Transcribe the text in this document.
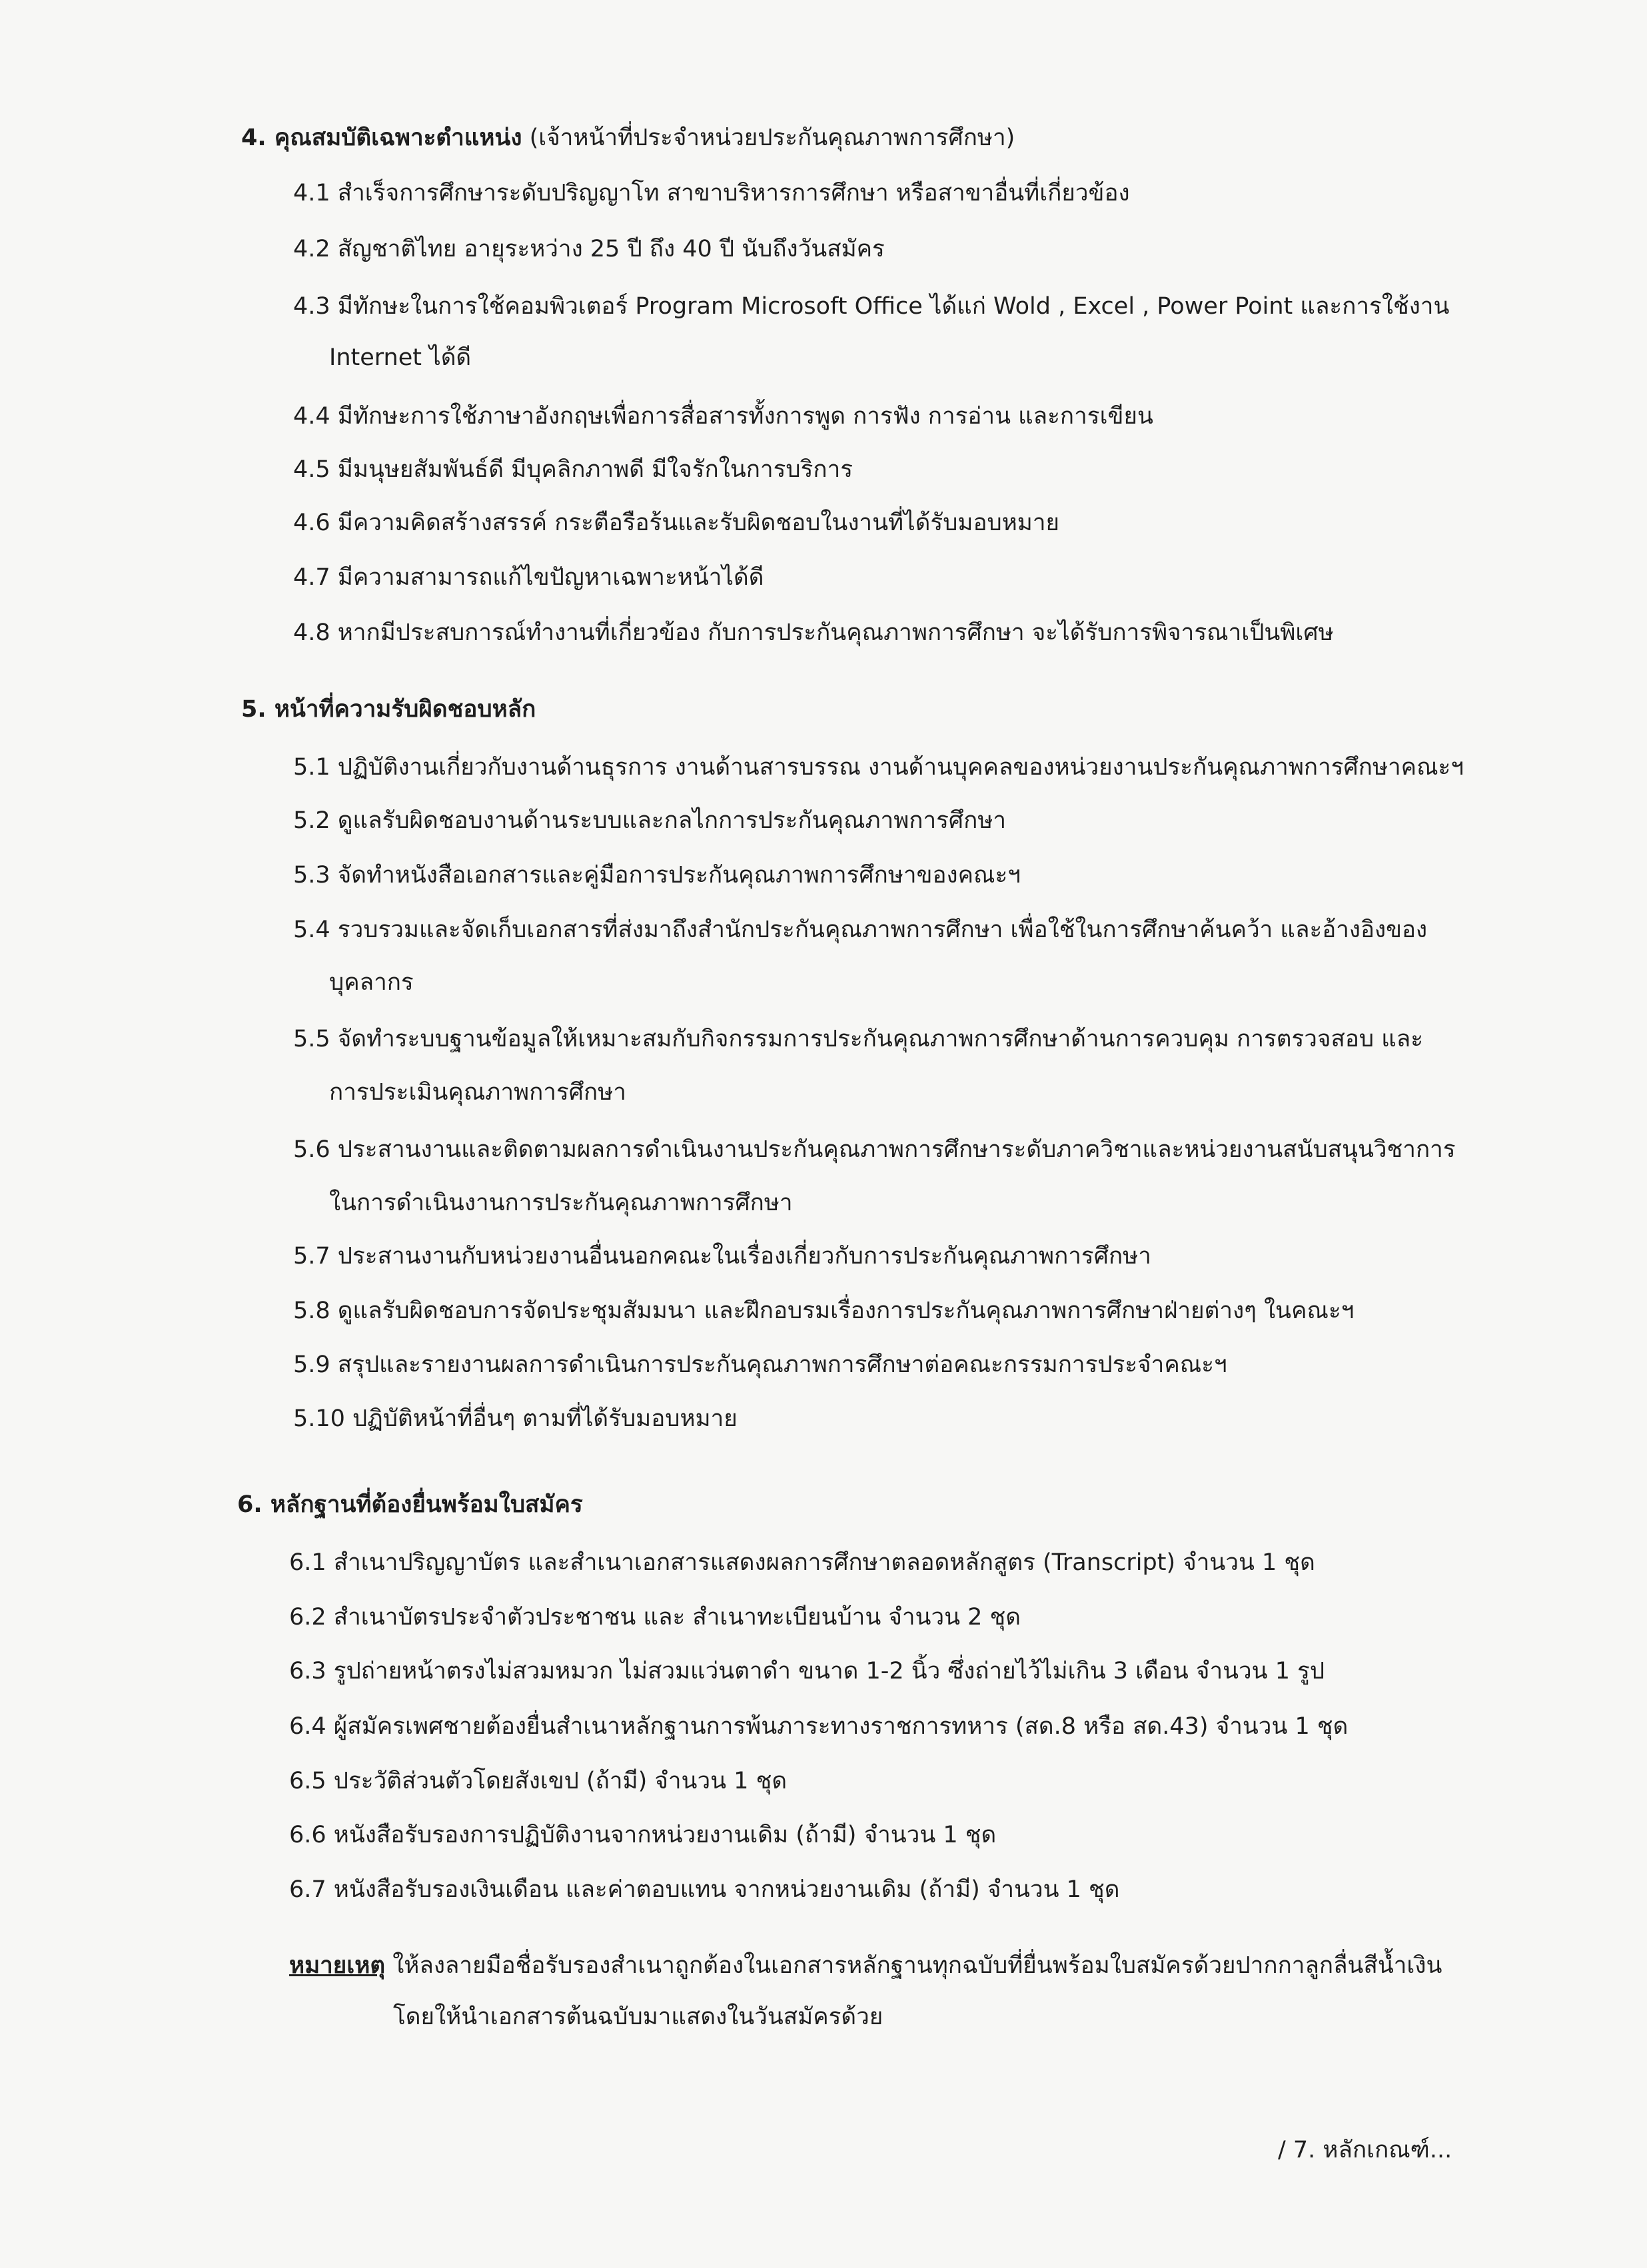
4. คุณสมบัติเฉพาะตำแหน่ง (เจ้าหน้าที่ประจำหน่วยประกันคุณภาพการศึกษา)
4.1 สำเร็จการศึกษาระดับปริญญาโท สาขาบริหารการศึกษา หรือสาขาอื่นที่เกี่ยวข้อง
4.2 สัญชาติไทย อายุระหว่าง 25 ปี ถึง 40 ปี นับถึงวันสมัคร
4.3 มีทักษะในการใช้คอมพิวเตอร์ Program Microsoft Office ได้แก่ Wold , Excel , Power Point และการใช้งาน
Internet ได้ดี
4.4 มีทักษะการใช้ภาษาอังกฤษเพื่อการสื่อสารทั้งการพูด การฟัง การอ่าน และการเขียน
4.5 มีมนุษยสัมพันธ์ดี มีบุคลิกภาพดี มีใจรักในการบริการ
4.6 มีความคิดสร้างสรรค์ กระตือรือร้นและรับผิดชอบในงานที่ได้รับมอบหมาย
4.7 มีความสามารถแก้ไขปัญหาเฉพาะหน้าได้ดี
4.8 หากมีประสบการณ์ทำงานที่เกี่ยวข้อง กับการประกันคุณภาพการศึกษา จะได้รับการพิจารณาเป็นพิเศษ
5. หน้าที่ความรับผิดชอบหลัก
5.1 ปฏิบัติงานเกี่ยวกับงานด้านธุรการ งานด้านสารบรรณ งานด้านบุคคลของหน่วยงานประกันคุณภาพการศึกษาคณะฯ
5.2 ดูแลรับผิดชอบงานด้านระบบและกลไกการประกันคุณภาพการศึกษา
5.3 จัดทำหนังสือเอกสารและคู่มือการประกันคุณภาพการศึกษาของคณะฯ
5.4 รวบรวมและจัดเก็บเอกสารที่ส่งมาถึงสำนักประกันคุณภาพการศึกษา เพื่อใช้ในการศึกษาค้นคว้า และอ้างอิงของ
บุคลากร
5.5 จัดทำระบบฐานข้อมูลให้เหมาะสมกับกิจกรรมการประกันคุณภาพการศึกษาด้านการควบคุม การตรวจสอบ และ
การประเมินคุณภาพการศึกษา
5.6 ประสานงานและติดตามผลการดำเนินงานประกันคุณภาพการศึกษาระดับภาควิชาและหน่วยงานสนับสนุนวิชาการ
ในการดำเนินงานการประกันคุณภาพการศึกษา
5.7 ประสานงานกับหน่วยงานอื่นนอกคณะในเรื่องเกี่ยวกับการประกันคุณภาพการศึกษา
5.8 ดูแลรับผิดชอบการจัดประชุมสัมมนา และฝึกอบรมเรื่องการประกันคุณภาพการศึกษาฝ่ายต่างๆ ในคณะฯ
5.9 สรุปและรายงานผลการดำเนินการประกันคุณภาพการศึกษาต่อคณะกรรมการประจำคณะฯ
5.10 ปฏิบัติหน้าที่อื่นๆ ตามที่ได้รับมอบหมาย
6. หลักฐานที่ต้องยื่นพร้อมใบสมัคร
6.1 สำเนาปริญญาบัตร และสำเนาเอกสารแสดงผลการศึกษาตลอดหลักสูตร (Transcript) จำนวน 1 ชุด
6.2 สำเนาบัตรประจำตัวประชาชน และ สำเนาทะเบียนบ้าน จำนวน 2 ชุด
6.3 รูปถ่ายหน้าตรงไม่สวมหมวก ไม่สวมแว่นตาดำ ขนาด 1-2 นิ้ว ซึ่งถ่ายไว้ไม่เกิน 3 เดือน จำนวน 1 รูป
6.4 ผู้สมัครเพศชายต้องยื่นสำเนาหลักฐานการพ้นภาระทางราชการทหาร (สด.8 หรือ สด.43) จำนวน 1 ชุด
6.5 ประวัติส่วนตัวโดยสังเขป (ถ้ามี) จำนวน 1 ชุด
6.6 หนังสือรับรองการปฏิบัติงานจากหน่วยงานเดิม (ถ้ามี) จำนวน 1 ชุด
6.7 หนังสือรับรองเงินเดือน และค่าตอบแทน จากหน่วยงานเดิม (ถ้ามี) จำนวน 1 ชุด
หมายเหตุ ให้ลงลายมือชื่อรับรองสำเนาถูกต้องในเอกสารหลักฐานทุกฉบับที่ยื่นพร้อมใบสมัครด้วยปากกาลูกลื่นสีน้ำเงิน
โดยให้นำเอกสารต้นฉบับมาแสดงในวันสมัครด้วย
/ 7. หลักเกณฑ์...
